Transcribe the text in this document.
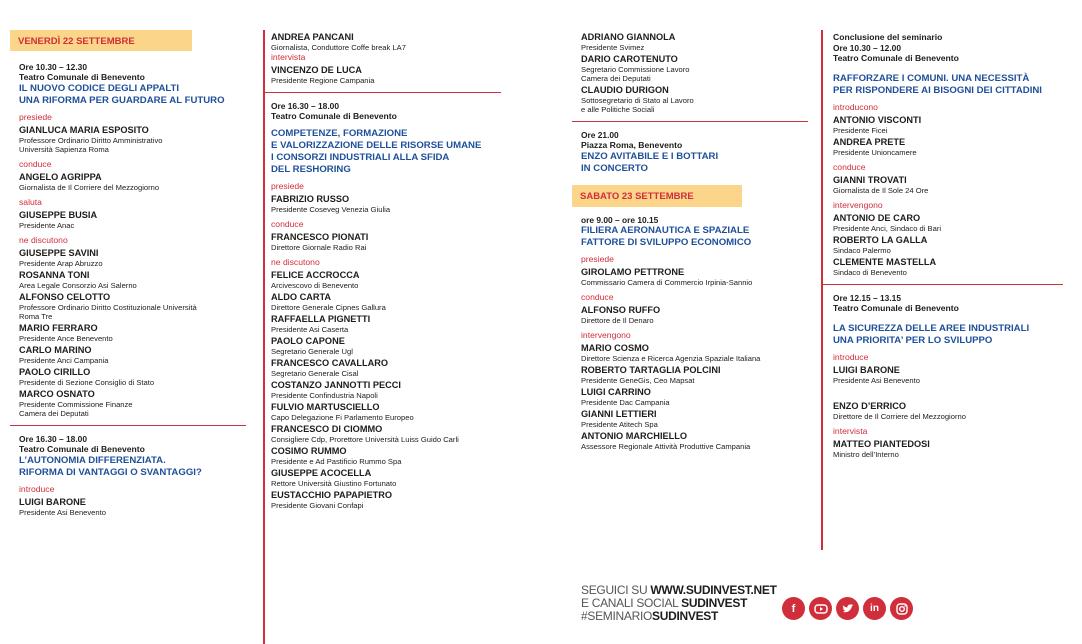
VENERDÌ 22 SETTEMBRE
Ore 10.30 – 12.30
Teatro Comunale di Benevento
IL NUOVO CODICE DEGLI APPALTI
UNA RIFORMA PER GUARDARE AL FUTURO
presiede
GIANLUCA MARIA ESPOSITO
Professore Ordinario Diritto Amministrativo
Università Sapienza Roma
conduce
ANGELO AGRIPPA
Giornalista de Il Corriere del Mezzogiorno
saluta
GIUSEPPE BUSIA
Presidente Anac
ne discutono
GIUSEPPE SAVINI
Presidente Arap Abruzzo
ROSANNA TONI
Area Legale Consorzio Asi Salerno
ALFONSO CELOTTO
Professore Ordinario Diritto Costituzionale Università
Roma Tre
MARIO FERRARO
Presidente Ance Benevento
CARLO MARINO
Presidente Anci Campania
PAOLO CIRILLO
Presidente di Sezione Consiglio di Stato
MARCO OSNATO
Presidente Commissione Finanze
Camera dei Deputati
Ore 16.30 – 18.00
Teatro Comunale di Benevento
L’AUTONOMIA DIFFERENZIATA.
RIFORMA DI VANTAGGI O SVANTAGGI?
introduce
LUIGI BARONE
Presidente Asi Benevento
ANDREA PANCANI
Giornalista, Conduttore Coffe break LA7
intervista
VINCENZO DE LUCA
Presidente Regione Campania
Ore 16.30 – 18.00
Teatro Comunale di Benevento
COMPETENZE, FORMAZIONE
E VALORIZZAZIONE DELLE RISORSE UMANE
I CONSORZI INDUSTRIALI ALLA SFIDA
DEL RESHORING
presiede
FABRIZIO RUSSO
Presidente Coseveg Venezia Giulia
conduce
FRANCESCO PIONATI
Direttore Giornale Radio Rai
ne discutono
FELICE ACCROCCA
Arcivescovo di Benevento
ALDO CARTA
Direttore Generale Cipnes Gallura
RAFFAELLA PIGNETTI
Presidente Asi Caserta
PAOLO CAPONE
Segretario Generale Ugl
FRANCESCO CAVALLARO
Segretario Generale Cisal
COSTANZO JANNOTTI PECCI
Presidente Confindustria Napoli
FULVIO MARTUSCIELLO
Capo Delegazione Fi Parlamento Europeo
FRANCESCO DI CIOMMO
Consigliere Cdp, Prorettore Università Luiss Guido Carli
COSIMO RUMMO
Presidente e Ad Pastificio Rummo Spa
GIUSEPPE ACOCELLA
Rettore Università Giustino Fortunato
EUSTACCHIO PAPAPIETRO
Presidente Giovani Confapi
ADRIANO GIANNOLA
Presidente Svimez
DARIO CAROTENUTO
Segretario Commissione Lavoro
Camera dei Deputati
CLAUDIO DURIGON
Sottosegretario di Stato al Lavoro
e alle Politiche Sociali
Ore 21.00
Piazza Roma, Benevento
ENZO AVITABILE E I BOTTARI
IN CONCERTO
SABATO 23 SETTEMBRE
ore 9.00 – ore 10.15
FILIERA AERONAUTICA E SPAZIALE
FATTORE DI SVILUPPO ECONOMICO
presiede
GIROLAMO PETTRONE
Commissario Camera di Commercio Irpinia-Sannio
conduce
ALFONSO RUFFO
Direttore de Il Denaro
intervengono
MARIO COSMO
Direttore Scienza e Ricerca Agenzia Spaziale Italiana
ROBERTO TARTAGLIA POLCINI
Presidente GeneGis, Ceo Mapsat
LUIGI CARRINO
Presidente Dac Campania
GIANNI LETTIERI
Presidente Atitech Spa
ANTONIO MARCHIELLO
Assessore Regionale Attività Produttive Campania
Conclusione del seminario
Ore 10.30 – 12.00
Teatro Comunale di Benevento
RAFFORZARE I COMUNI. UNA NECESSITÀ
PER RISPONDERE AI BISOGNI DEI CITTADINI
introducono
ANTONIO VISCONTI
Presidente Ficei
ANDREA PRETE
Presidente Unioncamere
conduce
GIANNI TROVATI
Giornalista de Il Sole 24 Ore
intervengono
ANTONIO DE CARO
Presidente Anci, Sindaco di Bari
ROBERTO LA GALLA
Sindaco Palermo
CLEMENTE MASTELLA
Sindaco di Benevento
Ore 12.15 – 13.15
Teatro Comunale di Benevento
LA SICUREZZA DELLE AREE INDUSTRIALI
UNA PRIORITA’ PER LO SVILUPPO
introduce
LUIGI BARONE
Presidente Asi Benevento
ENZO D’ERRICO
Direttore de Il Corriere del Mezzogiorno
intervista
MATTEO PIANTEDOSI
Ministro dell’Interno
SEGUICI SU WWW.SUDINVEST.NET
E CANALI SOCIAL SUDINVEST
#SEMINARIOSUDINVEST
f	in
